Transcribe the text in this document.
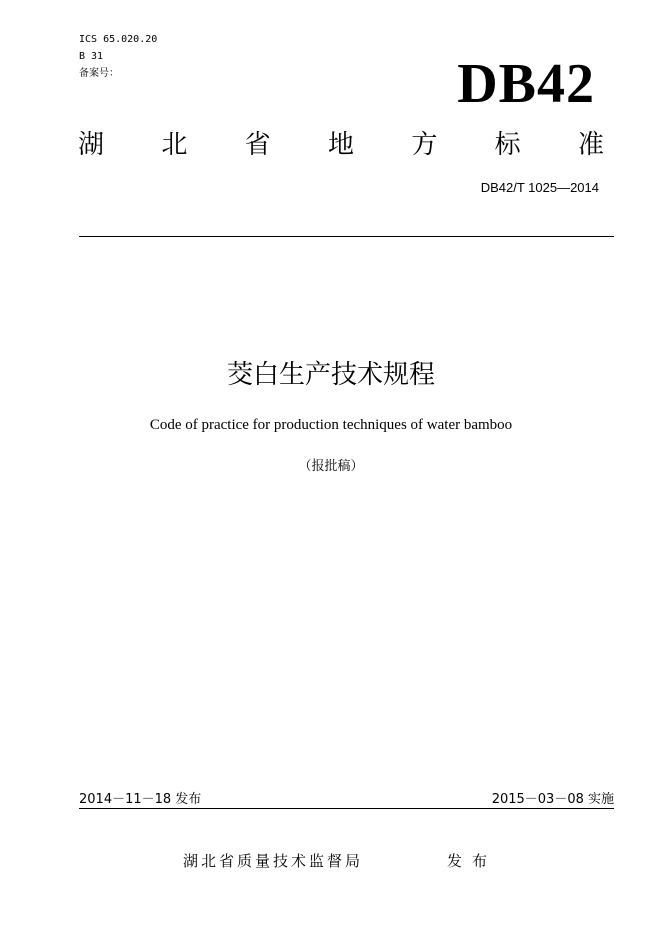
ICS 65.020.20
B 31
备案号：	DB42
湖 北 省 地 方 标 准
DB42/T 1025—2014
茭白生产技术规程
Code of practice for production techniques of water bamboo
（报批稿）
2014－11－18 发布	2015－03－08 实施
湖北省质量技术监督局	发布
